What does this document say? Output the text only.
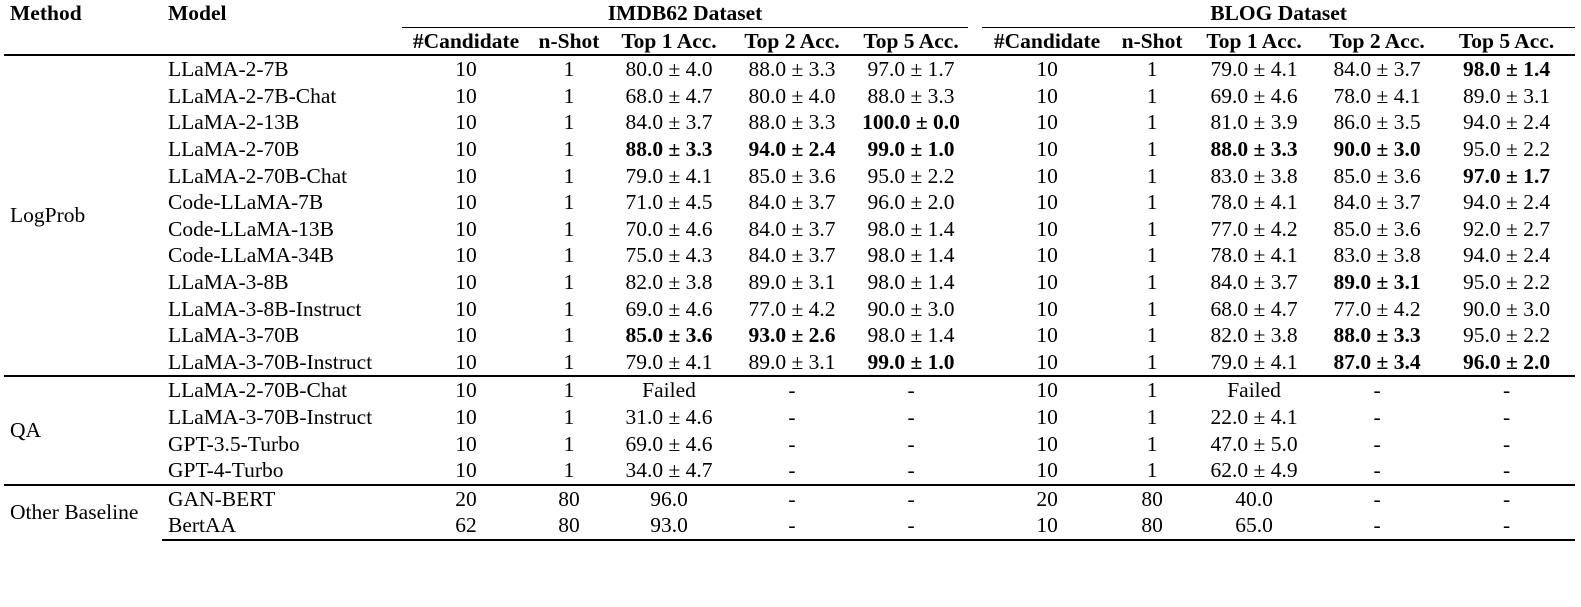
Method	Model	IMDB62 Dataset						BLOG Dataset				
		#Candidate	n-Shot	Top 1 Acc.	Top 2 Acc.	Top 5 Acc.		#Candidate	n-Shot	Top 1 Acc.	Top 2 Acc.	Top 5 Acc.
LogProb	LLaMA-2-7B	10	1	80.0 ± 4.0	88.0 ± 3.3	97.0 ± 1.7		10	1	79.0 ± 4.1	84.0 ± 3.7	98.0 ± 1.4
	LLaMA-2-7B-Chat	10	1	68.0 ± 4.7	80.0 ± 4.0	88.0 ± 3.3		10	1	69.0 ± 4.6	78.0 ± 4.1	89.0 ± 3.1
	LLaMA-2-13B	10	1	84.0 ± 3.7	88.0 ± 3.3	100.0 ± 0.0		10	1	81.0 ± 3.9	86.0 ± 3.5	94.0 ± 2.4
	LLaMA-2-70B	10	1	88.0 ± 3.3	94.0 ± 2.4	99.0 ± 1.0		10	1	88.0 ± 3.3	90.0 ± 3.0	95.0 ± 2.2
	LLaMA-2-70B-Chat	10	1	79.0 ± 4.1	85.0 ± 3.6	95.0 ± 2.2		10	1	83.0 ± 3.8	85.0 ± 3.6	97.0 ± 1.7
	Code-LLaMA-7B	10	1	71.0 ± 4.5	84.0 ± 3.7	96.0 ± 2.0		10	1	78.0 ± 4.1	84.0 ± 3.7	94.0 ± 2.4
	Code-LLaMA-13B	10	1	70.0 ± 4.6	84.0 ± 3.7	98.0 ± 1.4		10	1	77.0 ± 4.2	85.0 ± 3.6	92.0 ± 2.7
	Code-LLaMA-34B	10	1	75.0 ± 4.3	84.0 ± 3.7	98.0 ± 1.4		10	1	78.0 ± 4.1	83.0 ± 3.8	94.0 ± 2.4
	LLaMA-3-8B	10	1	82.0 ± 3.8	89.0 ± 3.1	98.0 ± 1.4		10	1	84.0 ± 3.7	89.0 ± 3.1	95.0 ± 2.2
	LLaMA-3-8B-Instruct	10	1	69.0 ± 4.6	77.0 ± 4.2	90.0 ± 3.0		10	1	68.0 ± 4.7	77.0 ± 4.2	90.0 ± 3.0
	LLaMA-3-70B	10	1	85.0 ± 3.6	93.0 ± 2.6	98.0 ± 1.4		10	1	82.0 ± 3.8	88.0 ± 3.3	95.0 ± 2.2
	LLaMA-3-70B-Instruct	10	1	79.0 ± 4.1	89.0 ± 3.1	99.0 ± 1.0		10	1	79.0 ± 4.1	87.0 ± 3.4	96.0 ± 2.0
QA	LLaMA-2-70B-Chat	10	1	Failed	-	-		10	1	Failed	-	-
	LLaMA-3-70B-Instruct	10	1	31.0 ± 4.6	-	-		10	1	22.0 ± 4.1	-	-
	GPT-3.5-Turbo	10	1	69.0 ± 4.6	-	-		10	1	47.0 ± 5.0	-	-
	GPT-4-Turbo	10	1	34.0 ± 4.7	-	-		10	1	62.0 ± 4.9	-	-
Other Baseline	GAN-BERT	20	80	96.0	-	-		20	80	40.0	-	-
	BertAA	62	80	93.0	-	-		10	80	65.0	-	-
